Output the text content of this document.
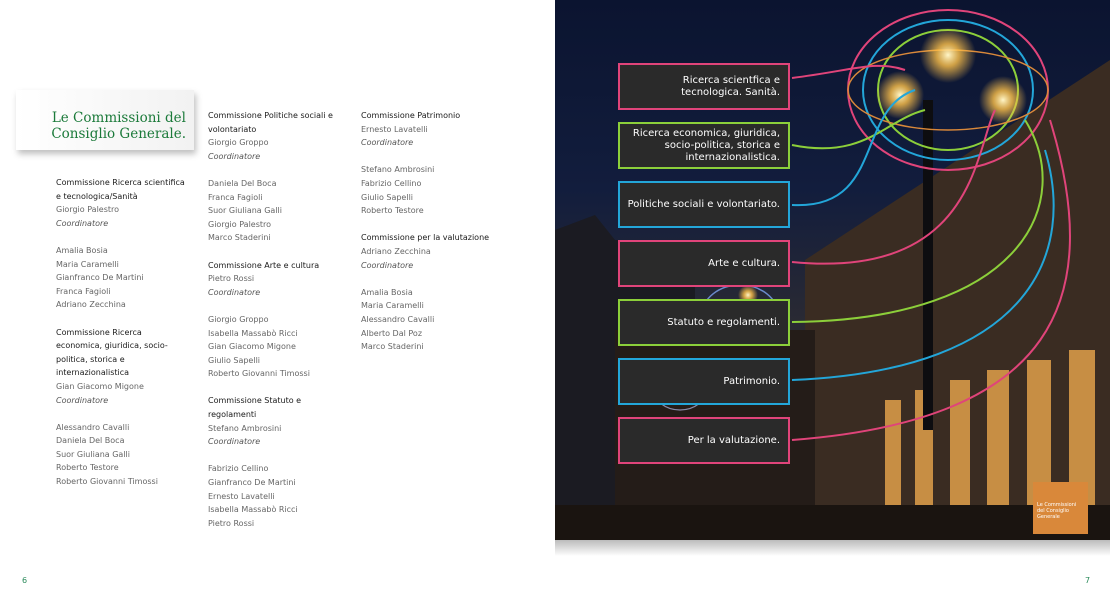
Le Commissioni del Consiglio Generale.
Commissione Ricerca scientifica e tecnologica/Sanità
Giorgio Palestro
Coordinatore
Amalia Bosia
Maria Caramelli
Gianfranco De Martini
Franca Fagioli
Adriano Zecchina
Commissione Ricerca economica, giuridica, socio-politica, storica e internazionalistica
Gian Giacomo Migone
Coordinatore
Alessandro Cavalli
Daniela Del Boca
Suor Giuliana Galli
Roberto Testore
Roberto Giovanni Timossi
Commissione Politiche sociali e volontariato
Giorgio Groppo
Coordinatore
Daniela Del Boca
Franca Fagioli
Suor Giuliana Galli
Giorgio Palestro
Marco Staderini
Commissione Arte e cultura
Pietro Rossi
Coordinatore
Giorgio Groppo
Isabella Massabò Ricci
Gian Giacomo Migone
Giulio Sapelli
Roberto Giovanni Timossi
Commissione Statuto e regolamenti
Stefano Ambrosini
Coordinatore
Fabrizio Cellino
Gianfranco De Martini
Ernesto Lavatelli
Isabella Massabò Ricci
Pietro Rossi
Commissione Patrimonio
Ernesto Lavatelli
Coordinatore
Stefano Ambrosini
Fabrizio Cellino
Giulio Sapelli
Roberto Testore
Commissione per la valutazione
Adriano Zecchina
Coordinatore
Amalia Bosia
Maria Caramelli
Alessandro Cavalli
Alberto Dal Poz
Marco Staderini
6
Ricerca scientfica e tecnologica. Sanità.
Ricerca economica, giuridica, socio-politica, storica e internazionalistica.
Politiche sociali e volontariato.
Arte e cultura.
Statuto e regolamenti.
Patrimonio.
Per la valutazione.
Le Commissioni del Consiglio Generale
7
